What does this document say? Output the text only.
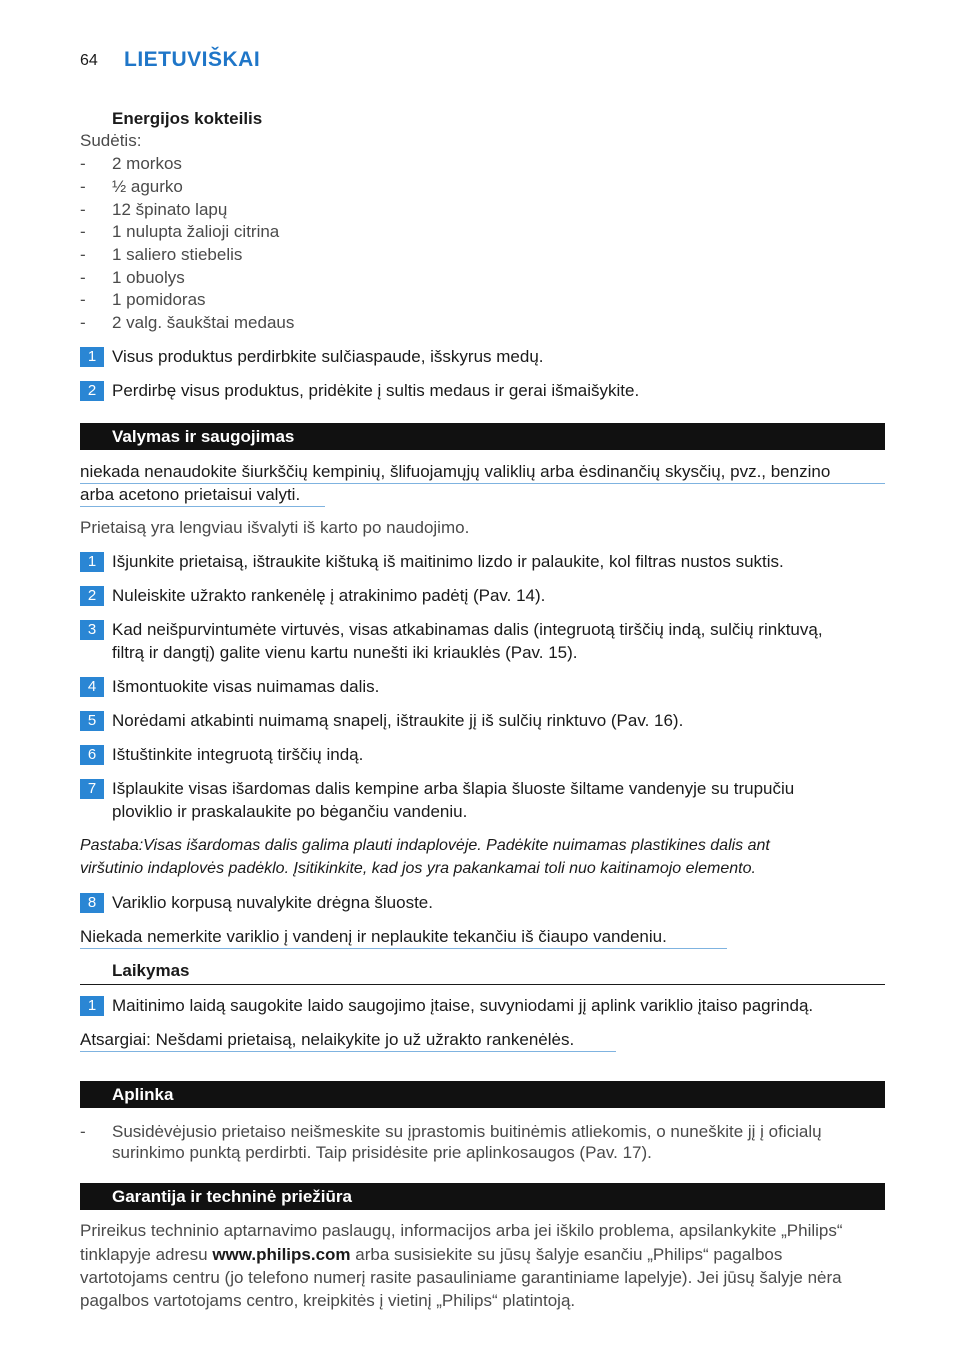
64 LIETUVIŠKAI
Energijos kokteilis
Sudėtis:
- 2 morkos
- ½ agurko
- 12 špinato lapų
- 1 nulupta žalioji citrina
- 1 saliero stiebelis
- 1 obuolys
- 1 pomidoras
- 2 valg. šaukštai medaus
1 Visus produktus perdirbkite sulčiaspaude, išskyrus medų.
2 Perdirbę visus produktus, pridėkite į sultis medaus ir gerai išmaišykite.
Valymas ir saugojimas
niekada nenaudokite šiurkščių kempinių, šlifuojamųjų valiklių arba ėsdinančių skysčių, pvz., benzino
arba acetono prietaisui valyti.
Prietaisą yra lengviau išvalyti iš karto po naudojimo.
1 Išjunkite prietaisą, ištraukite kištuką iš maitinimo lizdo ir palaukite, kol filtras nustos suktis.
2 Nuleiskite užrakto rankenėlę į atrakinimo padėtį (Pav. 14).
3 Kad neišpurvintumėte virtuvės, visas atkabinamas dalis (integruotą tirščių indą, sulčių rinktuvą,
filtrą ir dangtį) galite vienu kartu nunešti iki kriauklės (Pav. 15).
4 Išmontuokite visas nuimamas dalis.
5 Norėdami atkabinti nuimamą snapelį, ištraukite jį iš sulčių rinktuvo (Pav. 16).
6 Ištuštinkite integruotą tirščių indą.
7 Išplaukite visas išardomas dalis kempine arba šlapia šluoste šiltame vandenyje su trupučiu
ploviklio ir praskalaukite po bėgančiu vandeniu.
Pastaba:Visas išardomas dalis galima plauti indaplovėje. Padėkite nuimamas plastikines dalis ant
viršutinio indaplovės padėklo. Įsitikinkite, kad jos yra pakankamai toli nuo kaitinamojo elemento.
8 Variklio korpusą nuvalykite drėgna šluoste.
Niekada nemerkite variklio į vandenį ir neplaukite tekančiu iš čiaupo vandeniu.
Laikymas
1 Maitinimo laidą saugokite laido saugojimo įtaise, suvyniodami jį aplink variklio įtaiso pagrindą.
Atsargiai: Nešdami prietaisą, nelaikykite jo už užrakto rankenėlės.
Aplinka
- Susidėvėjusio prietaiso neišmeskite su įprastomis buitinėmis atliekomis, o nuneškite jį į oficialų
surinkimo punktą perdirbti. Taip prisidėsite prie aplinkosaugos (Pav. 17).
Garantija ir techninė priežiūra
Prireikus techninio aptarnavimo paslaugų, informacijos arba jei iškilo problema, apsilankykite „Philips“
tinklapyje adresu www.philips.com arba susisiekite su jūsų šalyje esančiu „Philips“ pagalbos
vartotojams centru (jo telefono numerį rasite pasauliniame garantiniame lapelyje). Jei jūsų šalyje nėra
pagalbos vartotojams centro, kreipkitės į vietinį „Philips“ platintoją.
